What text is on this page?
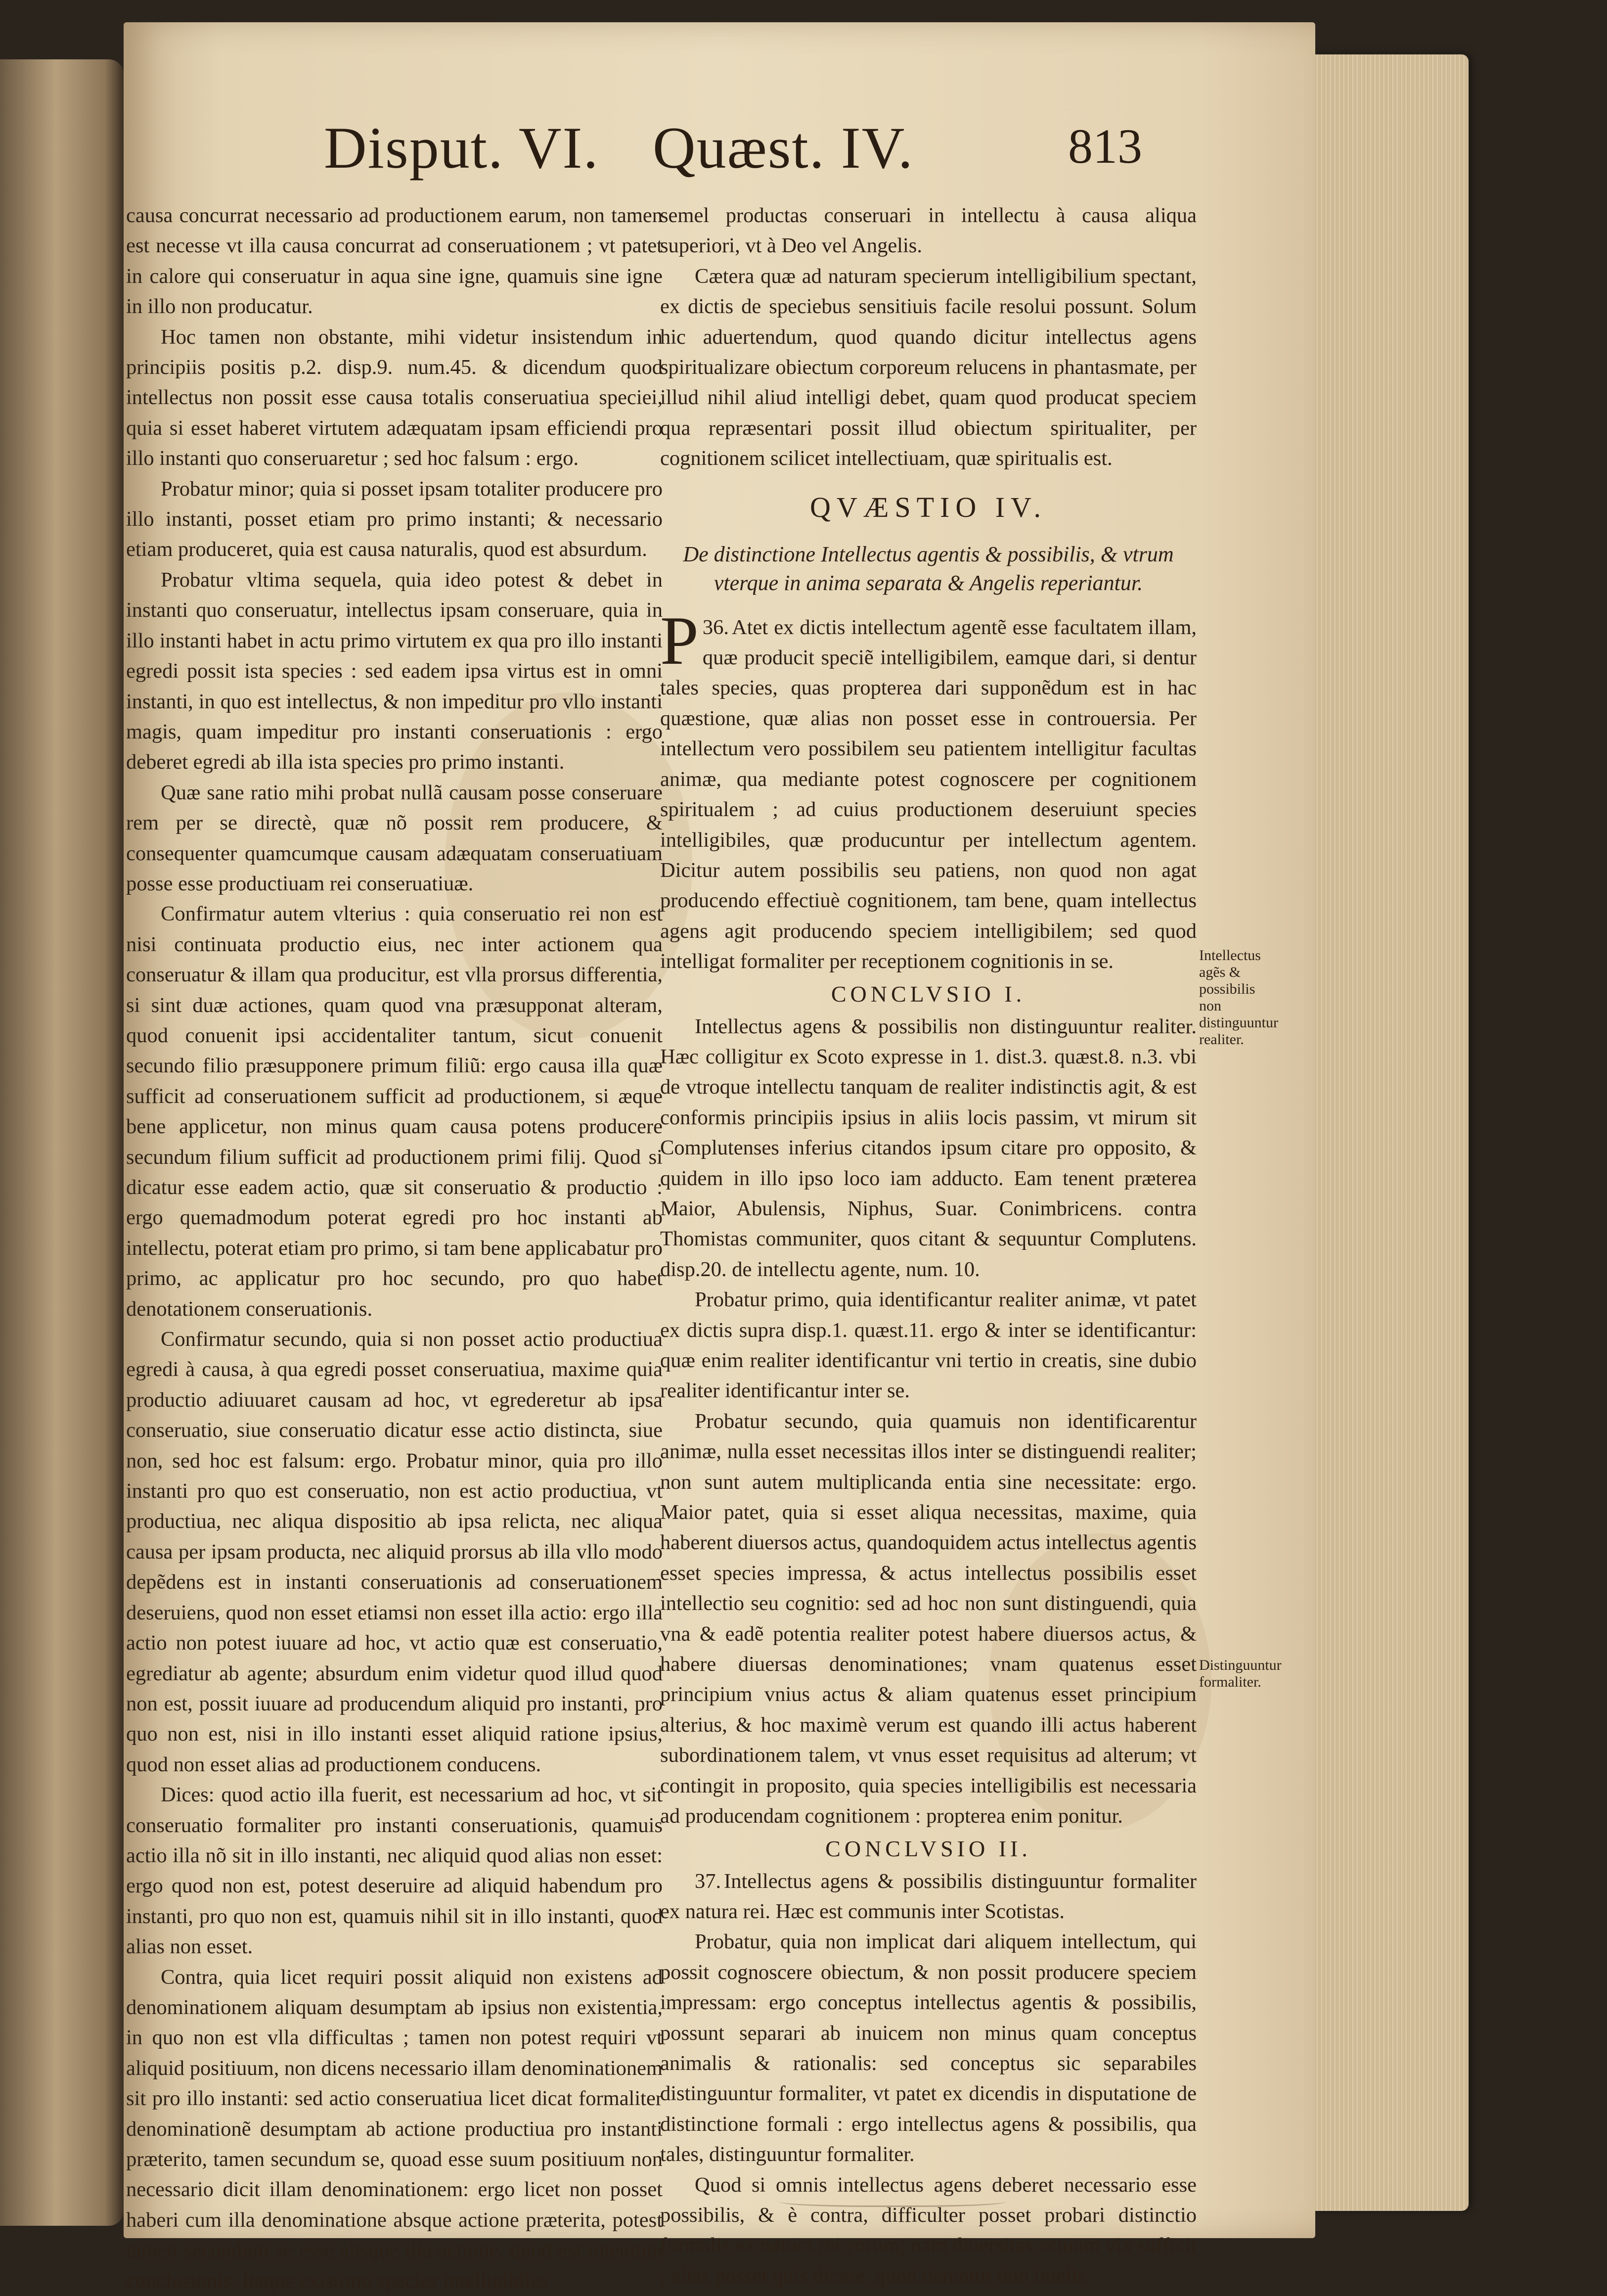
Disput. VI. Quæst. IV.	813

causa concurrat necessario ad productionem earum, non tamen est necesse vt illa causa concurrat ad conseruationem ; vt patet in calore qui conseruatur in aqua sine igne, quamuis sine igne in illo non producatur.

Hoc tamen non obstante, mihi videtur insistendum in principiis positis p.2. disp.9. num.45. & dicendum quod intellectus non possit esse causa totalis conseruatiua speciei, quia si esset haberet virtutem adæquatam ipsam efficiendi pro illo instanti quo conseruaretur ; sed hoc falsum : ergo.

Probatur minor; quia si posset ipsam totaliter producere pro illo instanti, posset etiam pro primo instanti; & necessario etiam produceret, quia est causa naturalis, quod est absurdum.

Probatur vltima sequela, quia ideo potest & debet in instanti quo conseruatur, intellectus ipsam conseruare, quia in illo instanti habet in actu primo virtutem ex qua pro illo instanti egredi possit ista species : sed eadem ipsa virtus est in omni instanti, in quo est intellectus, & non impeditur pro vllo instanti magis, quam impeditur pro instanti conseruationis : ergo deberet egredi ab illa ista species pro primo instanti.

Quæ sane ratio mihi probat nullã causam posse conseruare rem per se directè, quæ nõ possit rem producere, & consequenter quamcumque causam adæquatam conseruatiuam posse esse productiuam rei conseruatiuæ.

Confirmatur autem vlterius : quia conseruatio rei non est nisi continuata productio eius, nec inter actionem qua conseruatur & illam qua producitur, est vlla prorsus differentia, si sint duæ actiones, quam quod vna præsupponat alteram, quod conuenit ipsi accidentaliter tantum, sicut conuenit secundo filio præsupponere primum filiũ: ergo causa illa quæ sufficit ad conseruationem sufficit ad productionem, si æque bene applicetur, non minus quam causa potens producere secundum filium sufficit ad productionem primi filij. Quod si dicatur esse eadem actio, quæ sit conseruatio & productio : ergo quemadmodum poterat egredi pro hoc instanti ab intellectu, poterat etiam pro primo, si tam bene applicabatur pro primo, ac applicatur pro hoc secundo, pro quo habet denotationem conseruationis.

Confirmatur secundo, quia si non posset actio productiua egredi à causa, à qua egredi posset conseruatiua, maxime quia productio adiuuaret causam ad hoc, vt egrederetur ab ipsa conseruatio, siue conseruatio dicatur esse actio distincta, siue non, sed hoc est falsum: ergo. Probatur minor, quia pro illo instanti pro quo est conseruatio, non est actio productiua, vt productiua, nec aliqua dispositio ab ipsa relicta, nec aliqua causa per ipsam producta, nec aliquid prorsus ab illa vllo modo depẽdens est in instanti conseruationis ad conseruationem deseruiens, quod non esset etiamsi non esset illa actio: ergo illa actio non potest iuuare ad hoc, vt actio quæ est conseruatio, egrediatur ab agente; absurdum enim videtur quod illud quod non est, possit iuuare ad producendum aliquid pro instanti, pro quo non est, nisi in illo instanti esset aliquid ratione ipsius, quod non esset alias ad productionem conducens.

Dices: quod actio illa fuerit, est necessarium ad hoc, vt sit conseruatio formaliter pro instanti conseruationis, quamuis actio illa nõ sit in illo instanti, nec aliquid quod alias non esset: ergo quod non est, potest deseruire ad aliquid habendum pro instanti, pro quo non est, quamuis nihil sit in illo instanti, quod alias non esset.

Contra, quia licet requiri possit aliquid non existens ad denominationem aliquam desumptam ab ipsius non existentia, in quo non est vlla difficultas ; tamen non potest requiri vt aliquid positiuum, non dicens necessario illam denominationem sit pro illo instanti: sed actio conseruatiua licet dicat formaliter denominationẽ desumptam ab actione productiua pro instanti præterito, tamen secundum se, quoad esse suum positiuum non necessario dicit illam denominationem: ergo licet non posset haberi cum illa denominatione absque actione præterita, potest tamen secundum se esse absque illa actione, quod est intentum conclusionis. Itaque existimo species intelligibiles

semel productas conseruari in intellectu à causa aliqua superiori, vt à Deo vel Angelis.

Cætera quæ ad naturam specierum intelligibilium spectant, ex dictis de speciebus sensitiuis facile resolui possunt. Solum hic aduertendum, quod quando dicitur intellectus agens spiritualizare obiectum corporeum relucens in phantasmate, per illud nihil aliud intelligi debet, quam quod producat speciem qua repræsentari possit illud obiectum spiritualiter, per cognitionem scilicet intellectiuam, quæ spiritualis est.

QVÆSTIO IV.
De distinctione Intellectus agentis & possibilis, & vtrum vterque in anima separata & Angelis reperiantur.

36.
P Atet ex dictis intellectum agentẽ esse facultatem illam, quæ producit speciẽ intelligibilem, eamque dari, si dentur tales species, quas propterea dari supponẽdum est in hac quæstione, quæ alias non posset esse in controuersia. Per intellectum vero possibilem seu patientem intelligitur facultas animæ, qua mediante potest cognoscere per cognitionem spiritualem ; ad cuius productionem deseruiunt species intelligibiles, quæ producuntur per intellectum agentem. Dicitur autem possibilis seu patiens, non quod non agat producendo effectiuè cognitionem, tam bene, quam intellectus agens agit producendo speciem intelligibilem; sed quod intelligat formaliter per receptionem cognitionis in se.

CONCLVSIO I.

Intellectus agens & possibilis non distinguuntur realiter. Hæc colligitur ex Scoto expresse in 1. dist.3. quæst.8. n.3. vbi de vtroque intellectu tanquam de realiter indistinctis agit, & est conformis principiis ipsius in aliis locis passim, vt mirum sit Complutenses inferius citandos ipsum citare pro opposito, & quidem in illo ipso loco iam adducto. Eam tenent præterea Maior, Abulensis, Niphus, Suar. Conimbricens. contra Thomistas communiter, quos citant & sequuntur Complutens. disp.20. de intellectu agente, num. 10.

Probatur primo, quia identificantur realiter animæ, vt patet ex dictis supra disp.1. quæst.11. ergo & inter se identificantur: quæ enim realiter identificantur vni tertio in creatis, sine dubio realiter identificantur inter se.

Probatur secundo, quia quamuis non identificarentur animæ, nulla esset necessitas illos inter se distinguendi realiter; non sunt autem multiplicanda entia sine necessitate: ergo. Maior patet, quia si esset aliqua necessitas, maxime, quia haberent diuersos actus, quandoquidem actus intellectus agentis esset species impressa, & actus intellectus possibilis esset intellectio seu cognitio: sed ad hoc non sunt distinguendi, quia vna & eadẽ potentia realiter potest habere diuersos actus, & habere diuersas denominationes; vnam quatenus esset principium vnius actus & aliam quatenus esset principium alterius, & hoc maximè verum est quando illi actus haberent subordinationem talem, vt vnus esset requisitus ad alterum; vt contingit in proposito, quia species intelligibilis est necessaria ad producendam cognitionem : propterea enim ponitur.

CONCLVSIO II.

37. Intellectus agens & possibilis distinguuntur formaliter ex natura rei. Hæc est communis inter Scotistas.

Probatur, quia non implicat dari aliquem intellectum, qui possit cognoscere obiectum, & non possit producere speciem impressam: ergo conceptus intellectus agentis & possibilis, possunt separari ab inuicem non minus quam conceptus animalis & rationalis: sed conceptus sic separabiles distinguuntur formaliter, vt patet ex dicendis in disputatione de distinctione formali : ergo intellectus agens & possibilis, qua tales, distinguuntur formaliter.

Quod si omnis intellectus agens deberet necessario esse possibilis, & è contra, difficulter posset probari distinctio formalis ex natura rei eorum; nam diuersitas actuum vix sufficit ; alias posset quis dicere, quod darentur duo intelle

Intellectus agẽs & possibilis non distinguuntur realiter.
Distinguuntur formaliter.
